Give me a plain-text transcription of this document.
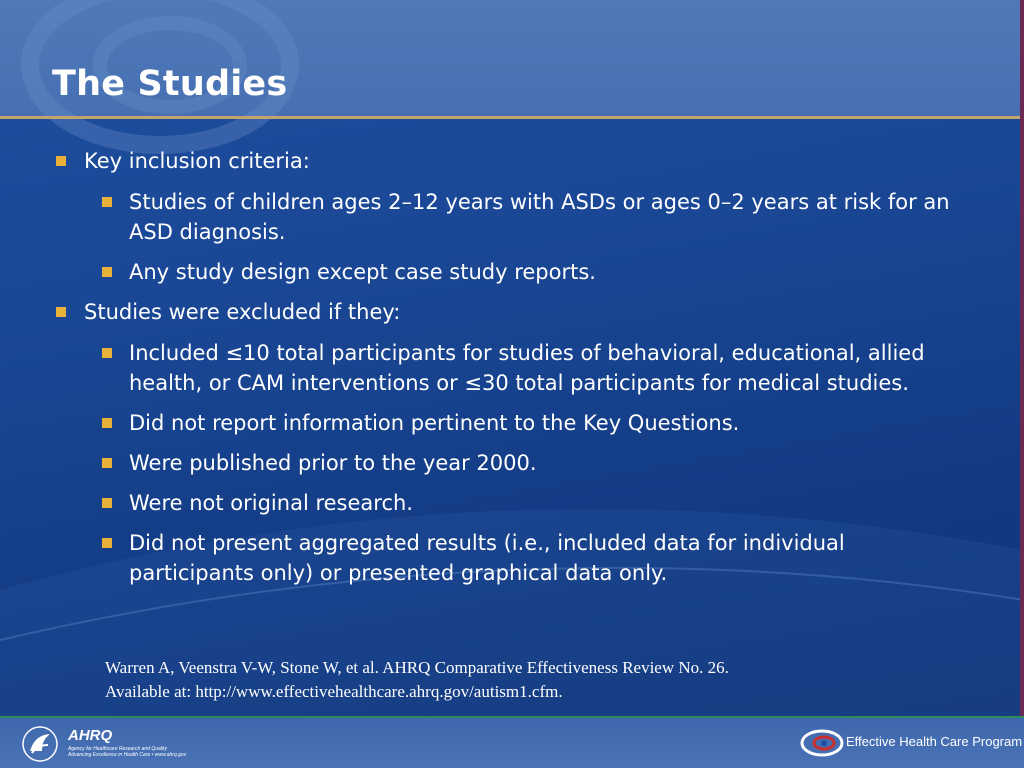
The Studies
Key inclusion criteria:
Studies of children ages 2–12 years with ASDs or ages 0–2 years at risk for an ASD diagnosis.
Any study design except case study reports.
Studies were excluded if they:
Included ≤10 total participants for studies of behavioral, educational, allied health, or CAM interventions or ≤30 total participants for medical studies.
Did not report information pertinent to the Key Questions.
Were published prior to the year 2000.
Were not original research.
Did not present aggregated results (i.e., included data for individual participants only) or presented graphical data only.
Warren A, Veenstra V-W, Stone W, et al. AHRQ Comparative Effectiveness Review No. 26.
Available at: http://www.effectivehealthcare.ahrq.gov/autism1.cfm.
AHRQ
Agency for Healthcare Research and Quality
Advancing Excellence in Health Care • www.ahrq.gov
Effective Health Care Program
